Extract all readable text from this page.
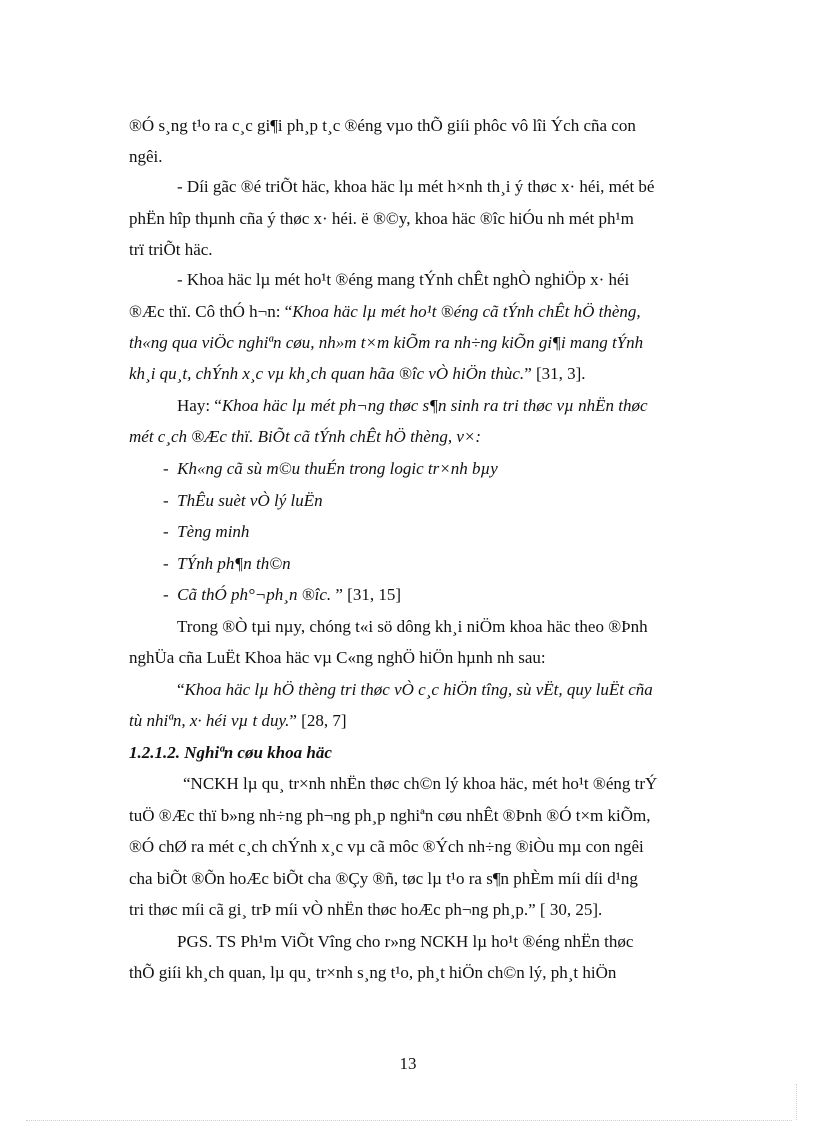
®Ó s¸ng t¹o ra c¸c gi¶i ph¸p t¸c ®éng vµo thÕ giíi phôc vô lîi Ých cña con

ngêi.

- Díi gãc ®é triÕt häc, khoa häc lµ mét h×nh th¸i ý thøc x· héi, mét bé

phËn hîp thµnh cña ý thøc x· héi. ë ®©y, khoa häc ®îc hiÓu nh mét ph¹m

trï triÕt häc.

- Khoa häc lµ mét ho¹t ®éng mang tÝnh chÊt nghÒ nghiÖp x· héi

®Æc thï. Cô thÓ h¬n: “Khoa häc lµ mét ho¹t ®éng cã tÝnh chÊt hÖ thèng,

th«ng qua viÖc nghiªn cøu, nh»m t×m kiÕm ra nh÷ng kiÕn gi¶i mang tÝnh

kh¸i qu¸t, chÝnh x¸c vµ kh¸ch quan hãa ®îc vÒ hiÖn thùc.” [31, 3].

Hay: “Khoa häc lµ mét ph¬ng thøc s¶n sinh ra tri thøc vµ nhËn thøc

mét c¸ch ®Æc thï. BiÕt cã tÝnh chÊt hÖ thèng, v×:

- Kh«ng cã sù m©u thuÉn trong logic tr×nh bµy

- ThÊu suèt vÒ lý luËn

- Tèng minh

- TÝnh ph¶n th©n

-  Cã thÓ ph°¬ph¸n ®îc. ” [31, 15]

Trong ®Ò tµi nµy, chóng t«i sö dông kh¸i niÖm khoa häc theo ®Þnh

nghÜa cña LuËt Khoa häc vµ C«ng nghÖ hiÖn hµnh nh sau:

“Khoa häc lµ hÖ thèng tri thøc vÒ c¸c hiÖn tîng, sù vËt, quy luËt cña

tù nhiªn, x· héi vµ t duy.” [28, 7]

1.2.1.2. Nghiªn cøu khoa häc

“NCKH lµ qu¸ tr×nh nhËn thøc ch©n lý khoa häc, mét ho¹t ®éng trÝ

tuÖ ®Æc thï b»ng nh÷ng ph¬ng ph¸p nghiªn cøu nhÊt ®Þnh ®Ó t×m kiÕm,

®Ó chØ ra mét c¸ch chÝnh x¸c vµ cã môc ®Ých nh÷ng ®iÒu mµ con ngêi

cha biÕt ®Õn hoÆc biÕt cha ®Çy ®ñ, tøc lµ t¹o ra s¶n phÈm míi díi d¹ng

tri thøc míi cã gi¸ trÞ míi vÒ nhËn thøc hoÆc ph¬ng ph¸p.” [ 30, 25].

PGS. TS Ph¹m ViÕt Vîng cho r»ng NCKH lµ ho¹t ®éng nhËn thøc

thÕ giíi kh¸ch quan, lµ qu¸ tr×nh s¸ng t¹o, ph¸t hiÖn ch©n lý, ph¸t hiÖn

13
